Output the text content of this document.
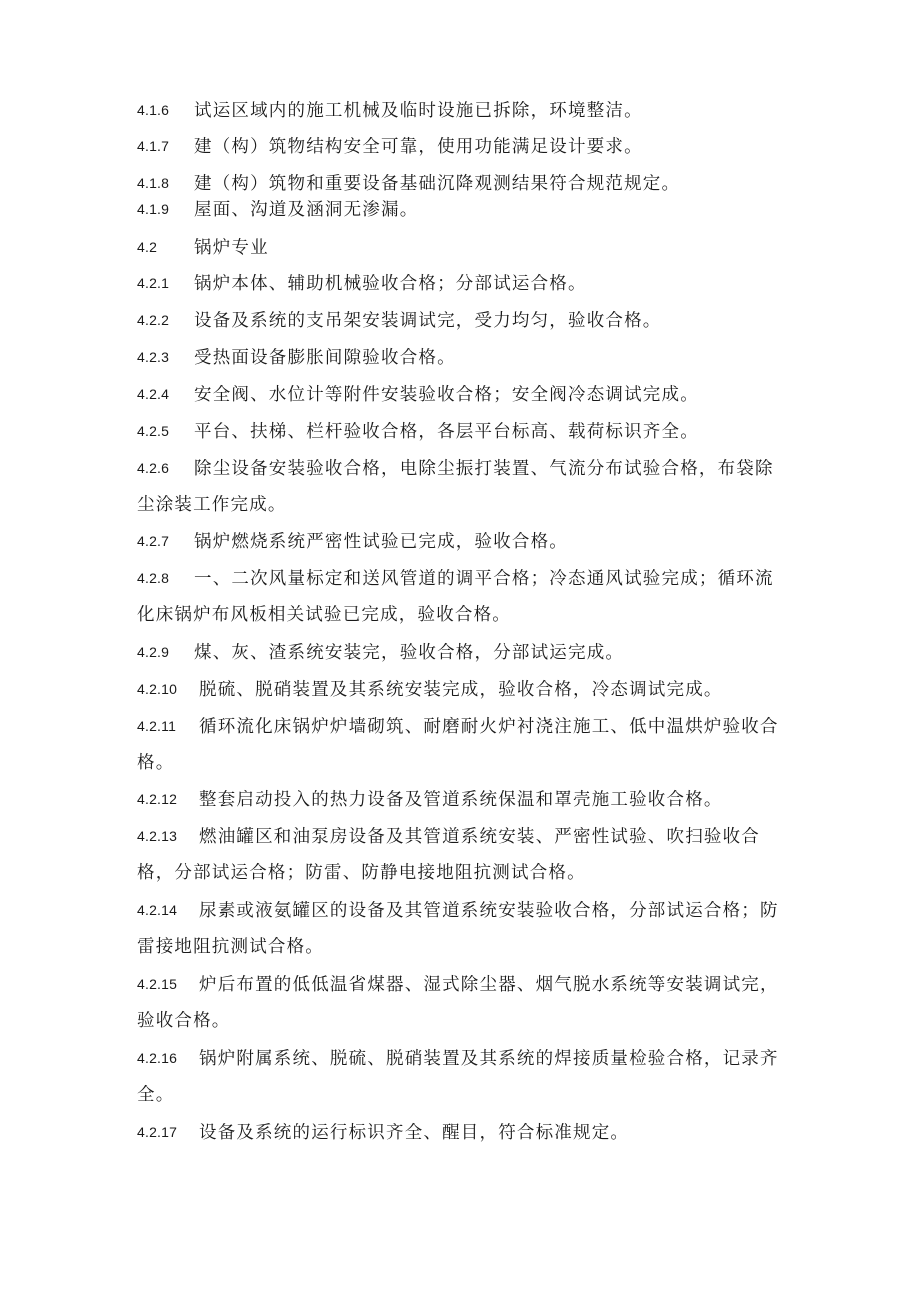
4.1.6 试运区域内的施工机械及临时设施已拆除，环境整洁。
4.1.7 建（构）筑物结构安全可靠，使用功能满足设计要求。
4.1.8 建（构）筑物和重要设备基础沉降观测结果符合规范规定。
4.1.9 屋面、沟道及涵洞无渗漏。
4.2 锅炉专业
4.2.1 锅炉本体、辅助机械验收合格；分部试运合格。
4.2.2 设备及系统的支吊架安装调试完，受力均匀，验收合格。
4.2.3 受热面设备膨胀间隙验收合格。
4.2.4 安全阀、水位计等附件安装验收合格；安全阀冷态调试完成。
4.2.5 平台、扶梯、栏杆验收合格，各层平台标高、载荷标识齐全。
4.2.6 除尘设备安装验收合格，电除尘振打装置、气流分布试验合格，布袋除
尘涂装工作完成。
4.2.7 锅炉燃烧系统严密性试验已完成，验收合格。
4.2.8 一、二次风量标定和送风管道的调平合格；冷态通风试验完成；循环流
化床锅炉布风板相关试验已完成，验收合格。
4.2.9 煤、灰、渣系统安装完，验收合格，分部试运完成。
4.2.10 脱硫、脱硝装置及其系统安装完成，验收合格，冷态调试完成。
4.2.11 循环流化床锅炉炉墙砌筑、耐磨耐火炉衬浇注施工、低中温烘炉验收合
格。
4.2.12 整套启动投入的热力设备及管道系统保温和罩壳施工验收合格。
4.2.13 燃油罐区和油泵房设备及其管道系统安装、严密性试验、吹扫验收合
格，分部试运合格；防雷、防静电接地阻抗测试合格。
4.2.14 尿素或液氨罐区的设备及其管道系统安装验收合格，分部试运合格；防
雷接地阻抗测试合格。
4.2.15 炉后布置的低低温省煤器、湿式除尘器、烟气脱水系统等安装调试完，
验收合格。
4.2.16 锅炉附属系统、脱硫、脱硝装置及其系统的焊接质量检验合格，记录齐
全。
4.2.17 设备及系统的运行标识齐全、醒目，符合标准规定。
